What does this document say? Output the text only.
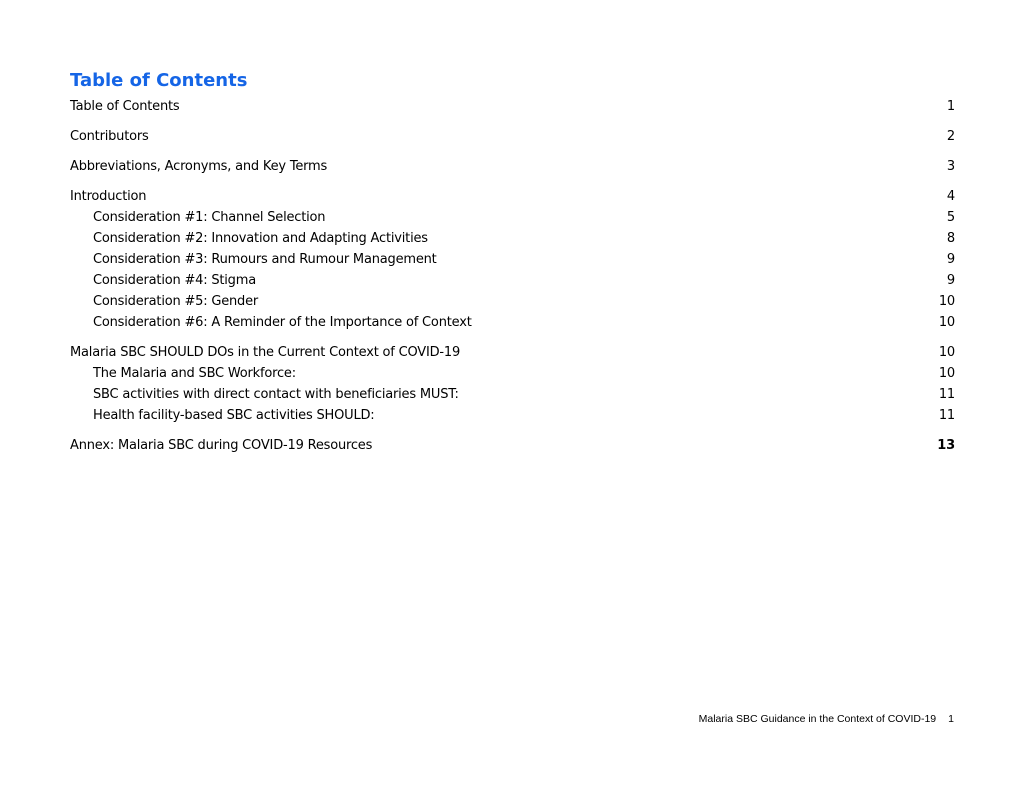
Table of Contents
Table of Contents	1
Contributors	2
Abbreviations, Acronyms, and Key Terms	3
Introduction	4
Consideration #1: Channel Selection	5
Consideration #2: Innovation and Adapting Activities	8
Consideration #3: Rumours and Rumour Management	9
Consideration #4: Stigma	9
Consideration #5: Gender	10
Consideration #6: A Reminder of the Importance of Context	10
Malaria SBC SHOULD DOs in the Current Context of COVID-19	10
The Malaria and SBC Workforce:	10
SBC activities with direct contact with beneficiaries MUST:	11
Health facility-based SBC activities SHOULD:	11
Annex: Malaria SBC during COVID-19 Resources	13
Malaria SBC Guidance in the Context of COVID-19 1
